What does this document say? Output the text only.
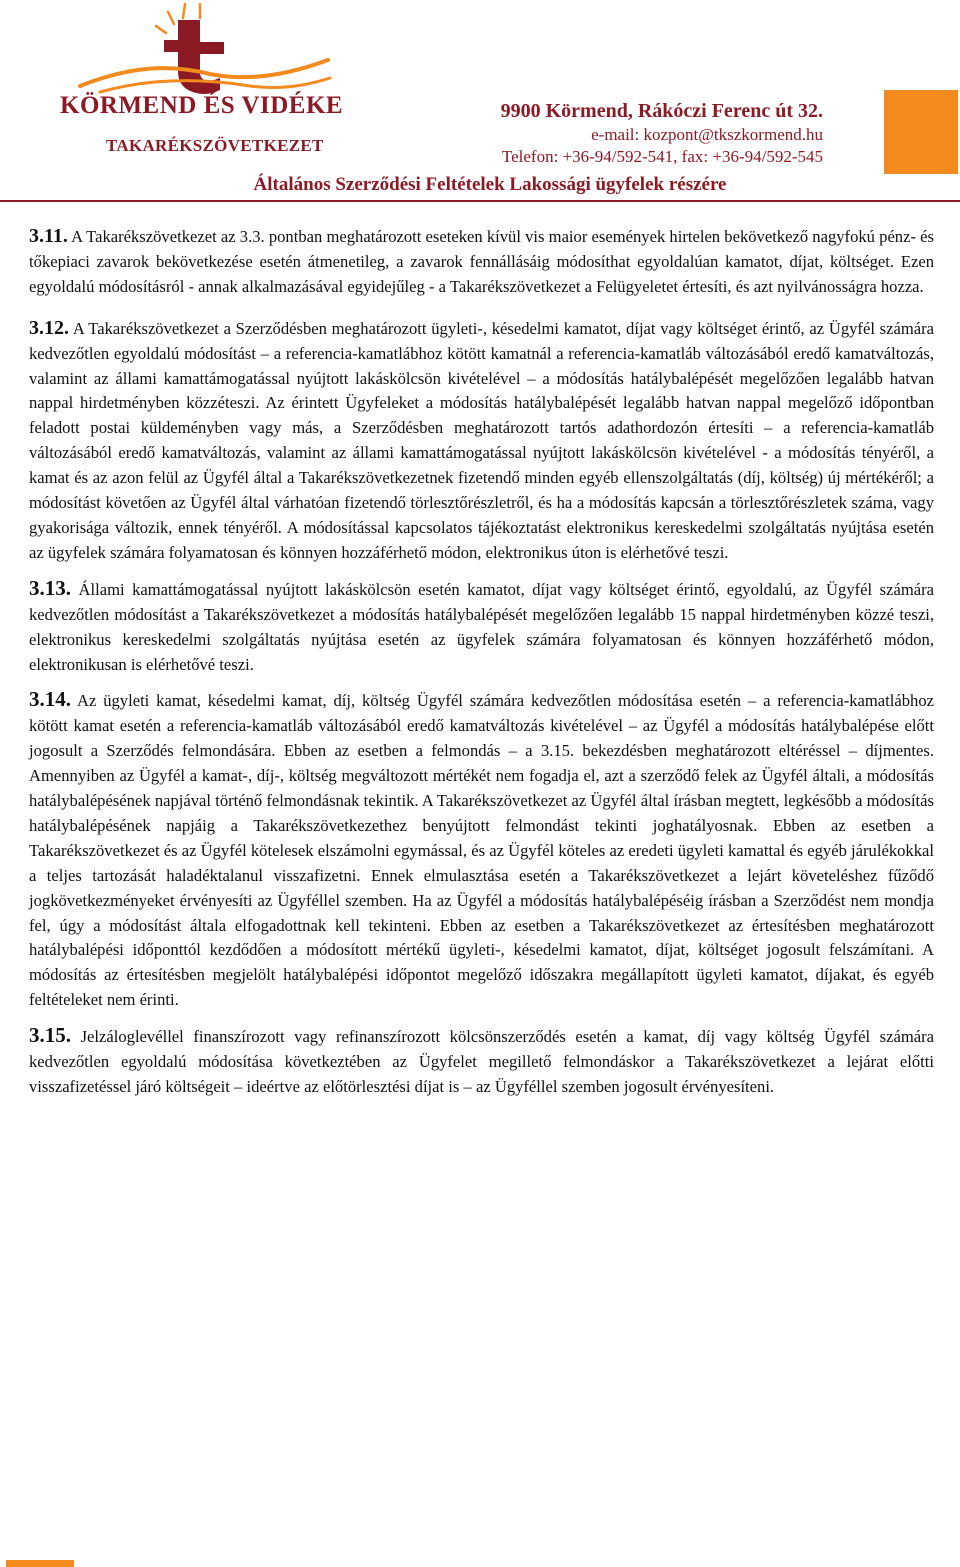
KÖRMEND ÉS VIDÉKE
TAKARÉKSZÖVETKEZET
9900 Körmend, Rákóczi Ferenc út 32.
e-mail: kozpont@tkszkormend.hu
Telefon: +36-94/592-541, fax: +36-94/592-545
Általános Szerződési Feltételek Lakossági ügyfelek részére

3.11. A Takarékszövetkezet az 3.3. pontban meghatározott eseteken kívül vis maior események hirtelen bekövetkező nagyfokú pénz- és tőkepiaci zavarok bekövetkezése esetén átmenetileg, a zavarok fennállásáig módosíthat egyoldalúan kamatot, díjat, költséget. Ezen egyoldalú módosításról - annak alkalmazásával egyidejűleg - a Takarékszövetkezet a Felügyeletet értesíti, és azt nyilvánosságra hozza.

3.12. A Takarékszövetkezet a Szerződésben meghatározott ügyleti-, késedelmi kamatot, díjat vagy költséget érintő, az Ügyfél számára kedvezőtlen egyoldalú módosítást – a referencia-kamatlábhoz kötött kamatnál a referencia-kamatláb változásából eredő kamatváltozás, valamint az állami kamattámogatással nyújtott lakáskölcsön kivételével – a módosítás hatálybalépését megelőzően legalább hatvan nappal hirdetményben közzéteszi. Az érintett Ügyfeleket a módosítás hatálybalépését legalább hatvan nappal megelőző időpontban feladott postai küldeményben vagy más, a Szerződésben meghatározott tartós adathordozón értesíti – a referencia-kamatláb változásából eredő kamatváltozás, valamint az állami kamattámogatással nyújtott lakáskölcsön kivételével - a módosítás tényéről, a kamat és az azon felül az Ügyfél által a Takarékszövetkezetnek fizetendő minden egyéb ellenszolgáltatás (díj, költség) új mértékéről; a módosítást követően az Ügyfél által várhatóan fizetendő törlesztőrészletről, és ha a módosítás kapcsán a törlesztőrészletek száma, vagy gyakorisága változik, ennek tényéről. A módosítással kapcsolatos tájékoztatást elektronikus kereskedelmi szolgáltatás nyújtása esetén az ügyfelek számára folyamatosan és könnyen hozzáférhető módon, elektronikus úton is elérhetővé teszi.

3.13. Állami kamattámogatással nyújtott lakáskölcsön esetén kamatot, díjat vagy költséget érintő, egyoldalú, az Ügyfél számára kedvezőtlen módosítást a Takarékszövetkezet a módosítás hatálybalépését megelőzően legalább 15 nappal hirdetményben közzé teszi, elektronikus kereskedelmi szolgáltatás nyújtása esetén az ügyfelek számára folyamatosan és könnyen hozzáférhető módon, elektronikusan is elérhetővé teszi.

3.14. Az ügyleti kamat, késedelmi kamat, díj, költség Ügyfél számára kedvezőtlen módosítása esetén – a referencia-kamatlábhoz kötött kamat esetén a referencia-kamatláb változásából eredő kamatváltozás kivételével – az Ügyfél a módosítás hatálybalépése előtt jogosult a Szerződés felmondására. Ebben az esetben a felmondás – a 3.15. bekezdésben meghatározott eltéréssel – díjmentes. Amennyiben az Ügyfél a kamat-, díj-, költség megváltozott mértékét nem fogadja el, azt a szerződő felek az Ügyfél általi, a módosítás hatálybalépésének napjával történő felmondásnak tekintik. A Takarékszövetkezet az Ügyfél által írásban megtett, legkésőbb a módosítás hatálybalépésének napjáig a Takarékszövetkezethez benyújtott felmondást tekinti joghatályosnak. Ebben az esetben a Takarékszövetkezet és az Ügyfél kötelesek elszámolni egymással, és az Ügyfél köteles az eredeti ügyleti kamattal és egyéb járulékokkal a teljes tartozását haladéktalanul visszafizetni. Ennek elmulasztása esetén a Takarékszövetkezet a lejárt követeléshez fűződő jogkövetkezményeket érvényesíti az Ügyféllel szemben. Ha az Ügyfél a módosítás hatálybalépéséig írásban a Szerződést nem mondja fel, úgy a módosítást általa elfogadottnak kell tekinteni. Ebben az esetben a Takarékszövetkezet az értesítésben meghatározott hatálybalépési időponttól kezdődően a módosított mértékű ügyleti-, késedelmi kamatot, díjat, költséget jogosult felszámítani. A módosítás az értesítésben megjelölt hatálybalépési időpontot megelőző időszakra megállapított ügyleti kamatot, díjakat, és egyéb feltételeket nem érinti.

3.15. Jelzáloglevéllel finanszírozott vagy refinanszírozott kölcsönszerződés esetén a kamat, díj vagy költség Ügyfél számára kedvezőtlen egyoldalú módosítása következtében az Ügyfelet megillető felmondáskor a Takarékszövetkezet a lejárat előtti visszafizetéssel járó költségeit – ideértve az előtörlesztési díjat is – az Ügyféllel szemben jogosult érvényesíteni.
